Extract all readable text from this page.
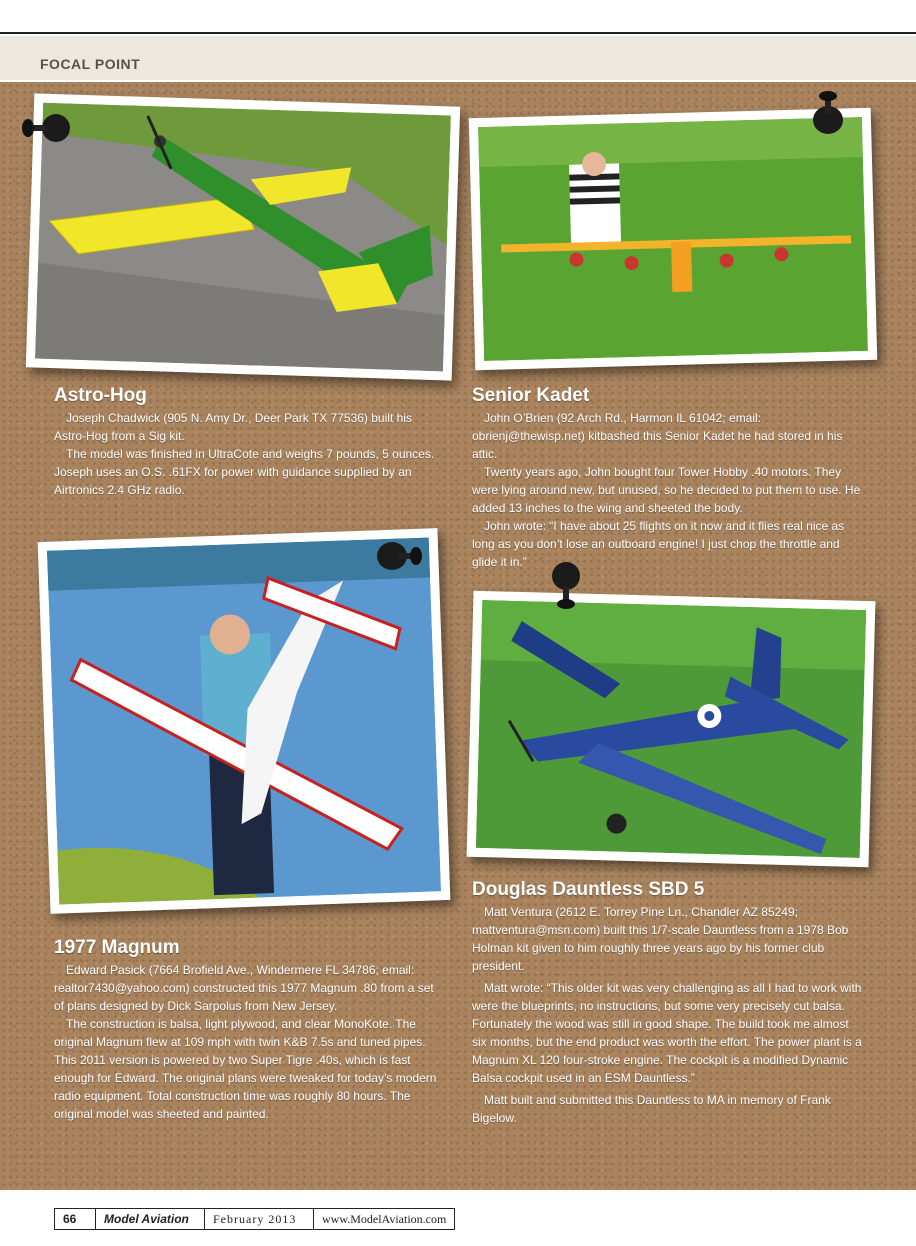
FOCAL POINT
Astro-Hog

Joseph Chadwick (905 N. Amy Dr., Deer Park TX 77536) built his Astro-Hog from a Sig kit.

The model was finished in UltraCote and weighs 7 pounds, 5 ounces. Joseph uses an O.S. .61FX for power with guidance supplied by an Airtronics 2.4 GHz radio.

Senior Kadet

John O’Brien (92 Arch Rd., Harmon IL 61042; email: obrienj@thewisp.net) kitbashed this Senior Kadet he had stored in his attic.

Twenty years ago, John bought four Tower Hobby .40 motors. They were lying around new, but unused, so he decided to put them to use. He added 13 inches to the wing and sheeted the body.

John wrote: “I have about 25 flights on it now and it flies real nice as long as you don’t lose an outboard engine! I just chop the throttle and glide it in.”

1977 Magnum

Edward Pasick (7664 Brofield Ave., Windermere FL 34786; email: realtor7430@yahoo.com) constructed this 1977 Magnum .80 from a set of plans designed by Dick Sarpolus from New Jersey.

The construction is balsa, light plywood, and clear MonoKote. The original Magnum flew at 109 mph with twin K&B 7.5s and tuned pipes. This 2011 version is powered by two Super Tigre .40s, which is fast enough for Edward. The original plans were tweaked for today’s modern radio equipment. Total construction time was roughly 80 hours. The original model was sheeted and painted.

Douglas Dauntless SBD 5

Matt Ventura (2612 E. Torrey Pine Ln., Chandler AZ 85249; mattventura@msn.com) built this 1/7-scale Dauntless from a 1978 Bob Holman kit given to him roughly three years ago by his former club president.

Matt wrote: “This older kit was very challenging as all I had to work with were the blueprints, no instructions, but some very precisely cut balsa. Fortunately the wood was still in good shape. The build took me almost six months, but the end product was worth the effort. The power plant is a Magnum XL 120 four-stroke engine. The cockpit is a modified Dynamic Balsa cockpit used in an ESM Dauntless.”

Matt built and submitted this Dauntless to MA in memory of Frank Bigelow.

66	Model Aviation	February 2013	www.ModelAviation.com
